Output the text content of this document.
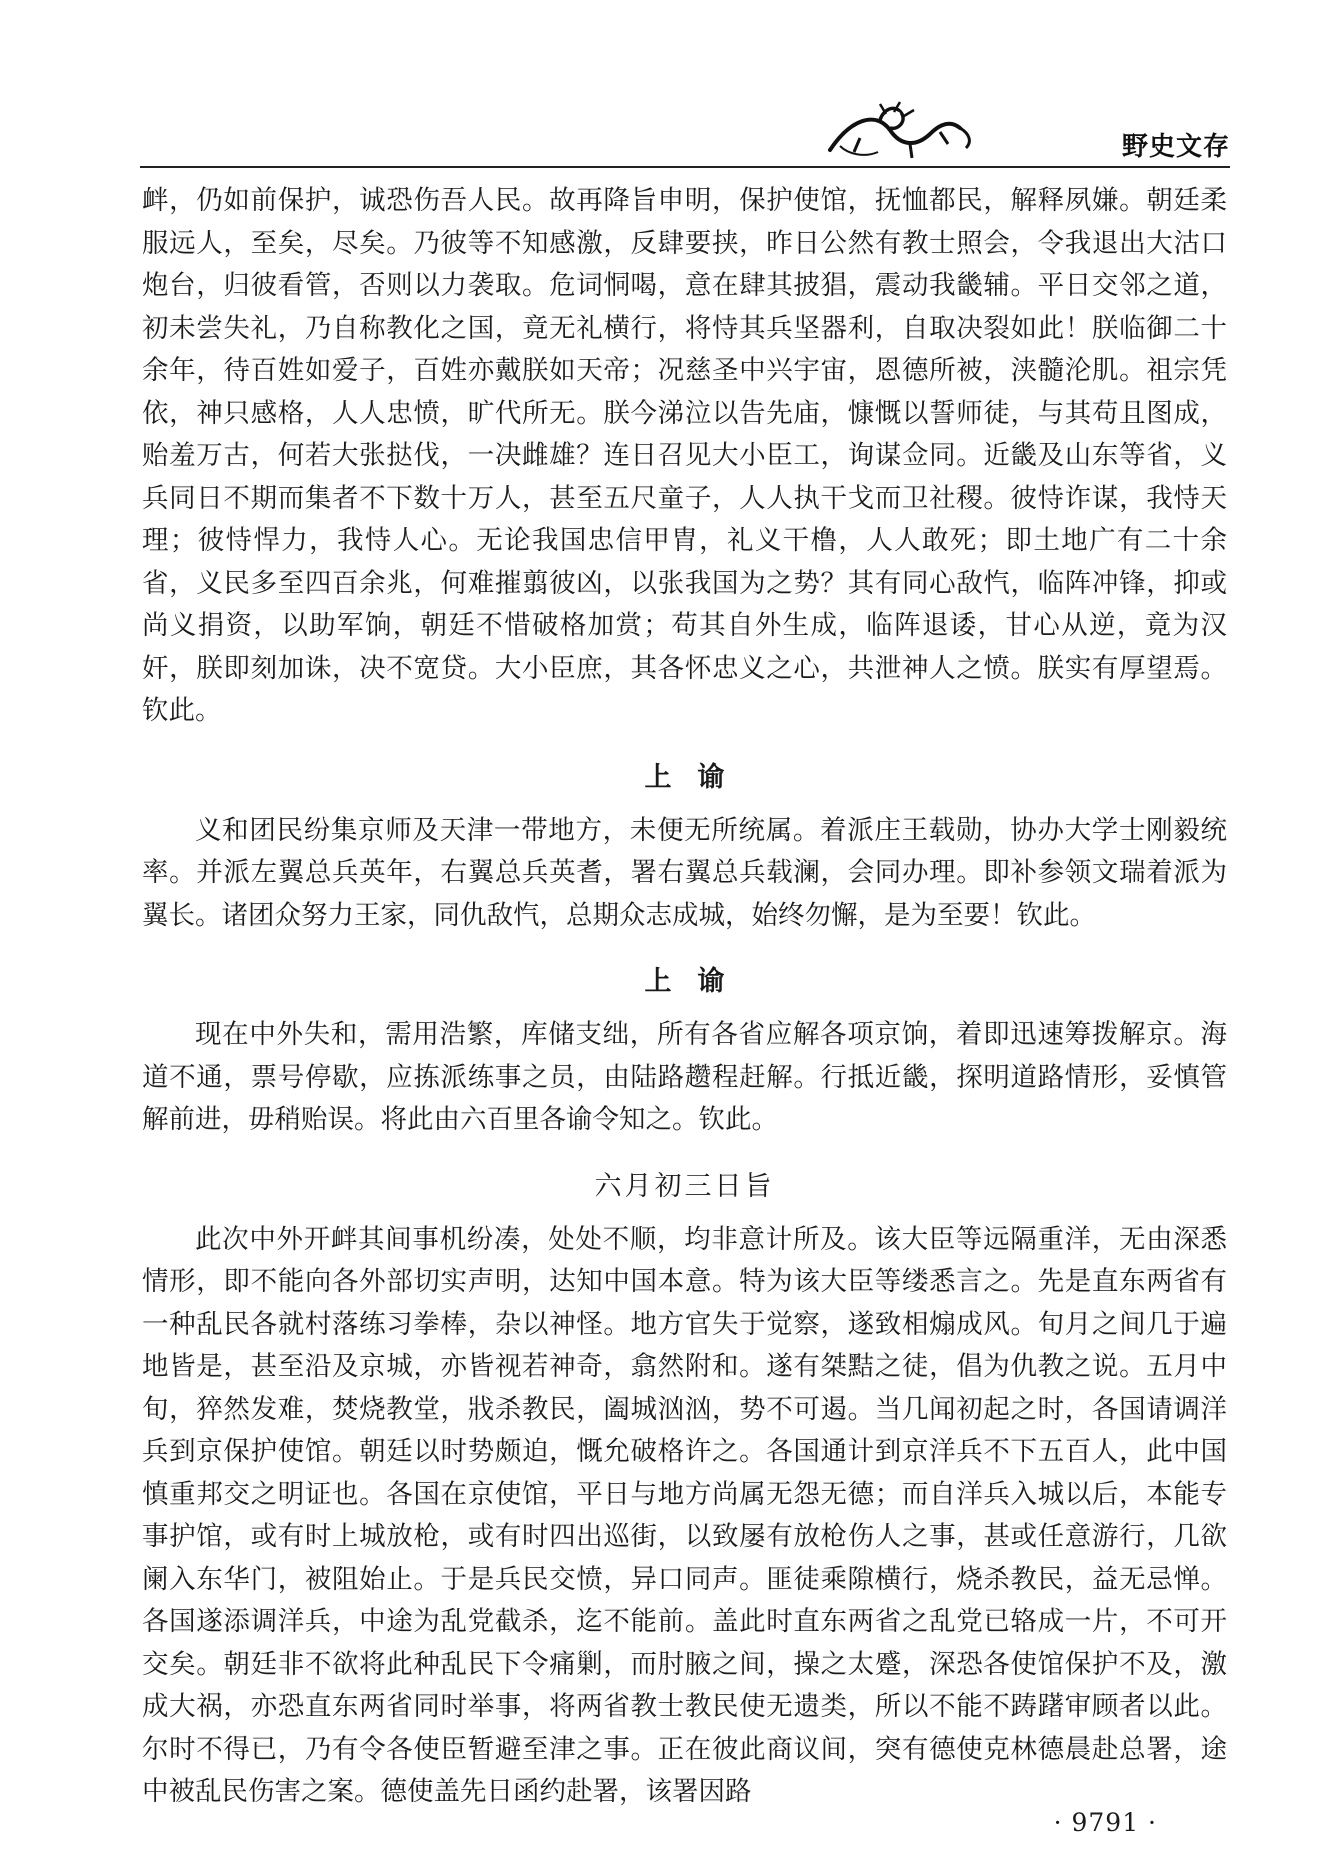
野史文存

衅，仍如前保护，诚恐伤吾人民。故再降旨申明，保护使馆，抚恤都民，解释夙嫌。朝廷柔服远人，至矣，尽矣。乃彼等不知感激，反肆要挟，昨日公然有教士照会，令我退出大沽口炮台，归彼看管，否则以力袭取。危词恫喝，意在肆其披猖，震动我畿辅。平日交邻之道，初未尝失礼，乃自称教化之国，竟无礼横行，将恃其兵坚器利，自取决裂如此！朕临御二十余年，待百姓如爱子，百姓亦戴朕如天帝；况慈圣中兴宇宙，恩德所被，浃髓沦肌。祖宗凭依，神只感格，人人忠愤，旷代所无。朕今涕泣以告先庙，慷慨以誓师徒，与其苟且图成，贻羞万古，何若大张挞伐，一决雌雄？连日召见大小臣工，询谋佥同。近畿及山东等省，义兵同日不期而集者不下数十万人，甚至五尺童子，人人执干戈而卫社稷。彼恃诈谋，我恃天理；彼恃悍力，我恃人心。无论我国忠信甲胄，礼义干橹，人人敢死；即土地广有二十余省，义民多至四百余兆，何难摧翦彼凶，以张我国为之势？其有同心敌忾，临阵冲锋，抑或尚义捐资，以助军饷，朝廷不惜破格加赏；苟其自外生成，临阵退诿，甘心从逆，竟为汉奸，朕即刻加诛，决不宽贷。大小臣庶，其各怀忠义之心，共泄神人之愤。朕实有厚望焉。钦此。

上谕

义和团民纷集京师及天津一带地方，未便无所统属。着派庄王载勋，协办大学士刚毅统率。并派左翼总兵英年，右翼总兵英耆，署右翼总兵载澜，会同办理。即补参领文瑞着派为翼长。诸团众努力王家，同仇敌忾，总期众志成城，始终勿懈，是为至要！钦此。

上谕

现在中外失和，需用浩繁，库储支绌，所有各省应解各项京饷，着即迅速筹拨解京。海道不通，票号停歇，应拣派练事之员，由陆路趱程赶解。行抵近畿，探明道路情形，妥慎管解前进，毋稍贻误。将此由六百里各谕令知之。钦此。

六月初三日旨

此次中外开衅其间事机纷凑，处处不顺，均非意计所及。该大臣等远隔重洋，无由深悉情形，即不能向各外部切实声明，达知中国本意。特为该大臣等缕悉言之。先是直东两省有一种乱民各就村落练习拳棒，杂以神怪。地方官失于觉察，遂致相煽成风。旬月之间几于遍地皆是，甚至沿及京城，亦皆视若神奇，翕然附和。遂有桀黠之徒，倡为仇教之说。五月中旬，猝然发难，焚烧教堂，戕杀教民，阖城汹汹，势不可遏。当几闻初起之时，各国请调洋兵到京保护使馆。朝廷以时势颇迫，慨允破格许之。各国通计到京洋兵不下五百人，此中国慎重邦交之明证也。各国在京使馆，平日与地方尚属无怨无德；而自洋兵入城以后，本能专事护馆，或有时上城放枪，或有时四出巡街，以致屡有放枪伤人之事，甚或任意游行，几欲阑入东华门，被阻始止。于是兵民交愤，异口同声。匪徒乘隙横行，烧杀教民，益无忌惮。各国遂添调洋兵，中途为乱党截杀，迄不能前。盖此时直东两省之乱党已辂成一片，不可开交矣。朝廷非不欲将此种乱民下令痛剿，而肘腋之间，操之太蹙，深恐各使馆保护不及，激成大祸，亦恐直东两省同时举事，将两省教士教民使无遗类，所以不能不踌躇审顾者以此。尔时不得已，乃有令各使臣暂避至津之事。正在彼此商议间，突有德使克林德晨赴总署，途中被乱民伤害之案。德使盖先日函约赴署，该署因路

· 9791 ·
